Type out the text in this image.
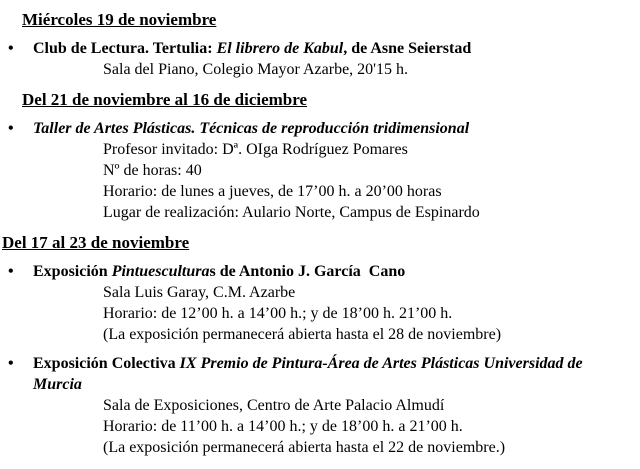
Miércoles 19 de noviembre
• Club de Lectura. Tertulia: El librero de Kabul, de Asne Seierstad
Sala del Piano, Colegio Mayor Azarbe, 20'15 h.
Del 21 de noviembre al 16 de diciembre
• Taller de Artes Plásticas. Técnicas de reproducción tridimensional
Profesor invitado: Dª. OIga Rodríguez Pomares
Nº de horas: 40
Horario: de lunes a jueves, de 17’00 h. a 20’00 horas
Lugar de realización: Aulario Norte, Campus de Espinardo
Del 17 al 23 de noviembre
• Exposición Pintuesculturas de Antonio J. García  Cano
Sala Luis Garay, C.M. Azarbe
Horario: de 12’00 h. a 14’00 h.; y de 18’00 h. 21’00 h.
(La exposición permanecerá abierta hasta el 28 de noviembre)
• Exposición Colectiva IX Premio de Pintura-Área de Artes Plásticas Universidad de Murcia
Sala de Exposiciones, Centro de Arte Palacio Almudí
Horario: de 11’00 h. a 14’00 h.; y de 18’00 h. a 21’00 h.
(La exposición permanecerá abierta hasta el 22 de noviembre.)
